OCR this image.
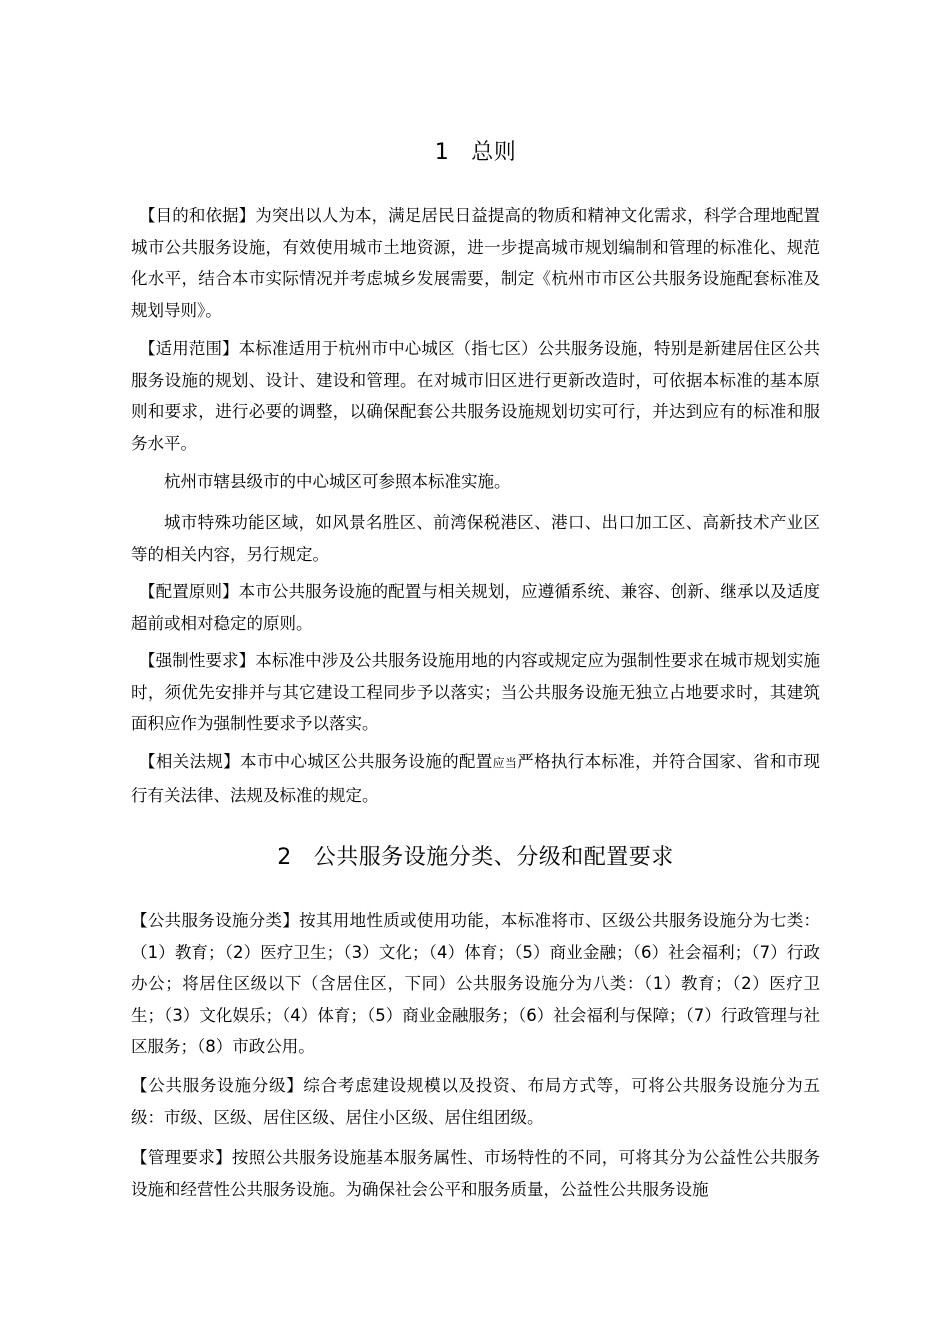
1 总则

【目的和依据】为突出以人为本，满足居民日益提高的物质和精神文化需求，科学合理地配置城市公共服务设施，有效使用城市土地资源，进一步提高城市规划编制和管理的标准化、规范化水平，结合本市实际情况并考虑城乡发展需要，制定《杭州市市区公共服务设施配套标准及规划导则》。

【适用范围】本标准适用于杭州市中心城区（指七区）公共服务设施，特别是新建居住区公共服务设施的规划、设计、建设和管理。在对城市旧区进行更新改造时，可依据本标准的基本原则和要求，进行必要的调整，以确保配套公共服务设施规划切实可行，并达到应有的标准和服务水平。

杭州市辖县级市的中心城区可参照本标准实施。

城市特殊功能区域，如风景名胜区、前湾保税港区、港口、出口加工区、高新技术产业区等的相关内容，另行规定。

【配置原则】本市公共服务设施的配置与相关规划，应遵循系统、兼容、创新、继承以及适度超前或相对稳定的原则。

【强制性要求】本标准中涉及公共服务设施用地的内容或规定应为强制性要求在城市规划实施时，须优先安排并与其它建设工程同步予以落实；当公共服务设施无独立占地要求时，其建筑面积应作为强制性要求予以落实。

【相关法规】本市中心城区公共服务设施的配置应当严格执行本标准，并符合国家、省和市现行有关法律、法规及标准的规定。

2 公共服务设施分类、分级和配置要求

【公共服务设施分类】按其用地性质或使用功能，本标准将市、区级公共服务设施分为七类：（1）教育；（2）医疗卫生；（3）文化；（4）体育；（5）商业金融；（6）社会福利；（7）行政办公；将居住区级以下（含居住区，下同）公共服务设施分为八类：（1）教育；（2）医疗卫生；（3）文化娱乐；（4）体育；（5）商业金融服务；（6）社会福利与保障；（7）行政管理与社区服务；（8）市政公用。

【公共服务设施分级】综合考虑建设规模以及投资、布局方式等，可将公共服务设施分为五级：市级、区级、居住区级、居住小区级、居住组团级。

【管理要求】按照公共服务设施基本服务属性、市场特性的不同，可将其分为公益性公共服务设施和经营性公共服务设施。为确保社会公平和服务质量，公益性公共服务设施
